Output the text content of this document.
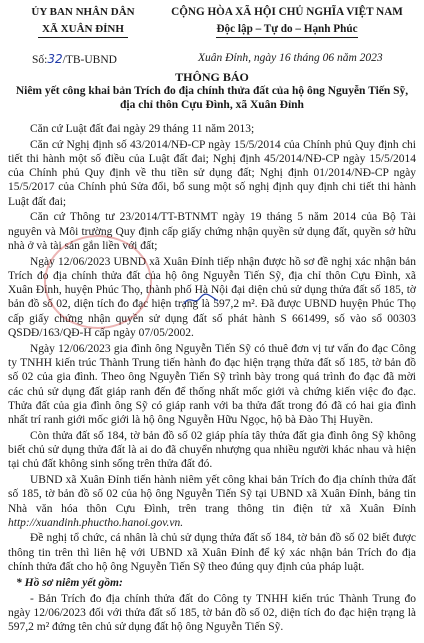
ỦY BAN NHÂN DÂN
XÃ XUÂN ĐỈNH
CỘNG HÒA XÃ HỘI CHỦ NGHĨA VIỆT NAM
Độc lập – Tự do – Hạnh Phúc
Số:32/TB-UBND	Xuân Đỉnh, ngày 16 tháng 06 năm 2023
THÔNG BÁO
Niêm yết công khai bản Trích đo địa chính thửa đất của hộ ông Nguyễn Tiến Sỹ,
địa chỉ thôn Cựu Đình, xã Xuân Đỉnh

Căn cứ Luật đất đai ngày 29 tháng 11 năm 2013;

Căn cứ Nghị định số 43/2014/NĐ-CP ngày 15/5/2014 của Chính phủ Quy định chi tiết thi hành một số điều của Luật đất đai; Nghị định 45/2014/NĐ-CP ngày 15/5/2014 của Chính phủ Quy định về thu tiền sử dụng đất; Nghị định 01/2014/NĐ-CP ngày 15/5/2017 của Chính phủ Sửa đổi, bổ sung một số nghị định quy định chi tiết thi hành Luật đất đai;

Căn cứ Thông tư 23/2014/TT-BTNMT ngày 19 tháng 5 năm 2014 của Bộ Tài nguyên và Môi trường Quy định cấp giấy chứng nhận quyền sử dụng đất, quyền sở hữu nhà ở và tài sản gắn liền với đất;

Ngày 12/06/2023 UBND xã Xuân Đỉnh tiếp nhận được hồ sơ đề nghị xác nhận bản Trích đo địa chính thửa đất của hộ ông Nguyễn Tiến Sỹ, địa chỉ thôn Cựu Đình, xã Xuân Đỉnh, huyện Phúc Thọ, thành phố Hà Nội đại diện chủ sử dụng thửa đất số 185, tờ bản đồ số 02, diện tích đo đạc hiện trạng là 597,2 m². Đã được UBND huyện Phúc Thọ cấp giấy chứng nhận quyền sử dụng đất số phát hành S 661499, số vào sổ 00303 QSDĐ/163/QĐ-H cấp ngày 07/05/2002.

Ngày 12/06/2023 gia đình ông Nguyễn Tiến Sỹ có thuê đơn vị tư vấn đo đạc Công ty TNHH kiến trúc Thành Trung tiến hành đo đạc hiện trạng thửa đất số 185, tờ bản đồ số 02 của gia đình. Theo ông Nguyễn Tiến Sỹ trình bày trong quá trình đo đạc đã mời các chủ sử dụng đất giáp ranh đến để thống nhất mốc giới và chứng kiến việc đo đạc. Thửa đất của gia đình ông Sỹ có giáp ranh với ba thửa đất trong đó đã có hai gia đình nhất trí ranh giới mốc giới là hộ ông Nguyễn Hữu Ngọc, hộ bà Đào Thị Huyền.

Còn thửa đất số 184, tờ bản đồ số 02 giáp phía tây thửa đất gia đình ông Sỹ không biết chủ sử dụng thửa đất là ai do đã chuyển nhượng qua nhiều người khác nhau và hiện tại chủ đất không sinh sống trên thửa đất đó.

UBND xã Xuân Đỉnh tiến hành niêm yết công khai bản Trích đo địa chính thửa đất số 185, tờ bản đồ số 02 của hộ ông Nguyễn Tiến Sỹ tại UBND xã Xuân Đỉnh, bảng tin Nhà văn hóa thôn Cựu Đình, trên trang thông tin điện tử xã Xuân Đỉnh http://xuandinh.phuctho.hanoi.gov.vn.

Đề nghị tổ chức, cá nhân là chủ sử dụng thửa đất số 184, tờ bản đồ số 02 biết được thông tin trên thì liên hệ với UBND xã Xuân Đỉnh để ký xác nhận bản Trích đo địa chính thửa đất cho hộ ông Nguyễn Tiến Sỹ theo đúng quy định của pháp luật.

* Hồ sơ niêm yết gồm:

- Bản Trích đo địa chính thửa đất do Công ty TNHH kiến trúc Thành Trung đo ngày 12/06/2023 đối với thửa đất số 185, tờ bản đồ số 02, diện tích đo đạc hiện trạng là 597,2 m² đứng tên chủ sử dụng đất hộ ông Nguyễn Tiến Sỹ.
